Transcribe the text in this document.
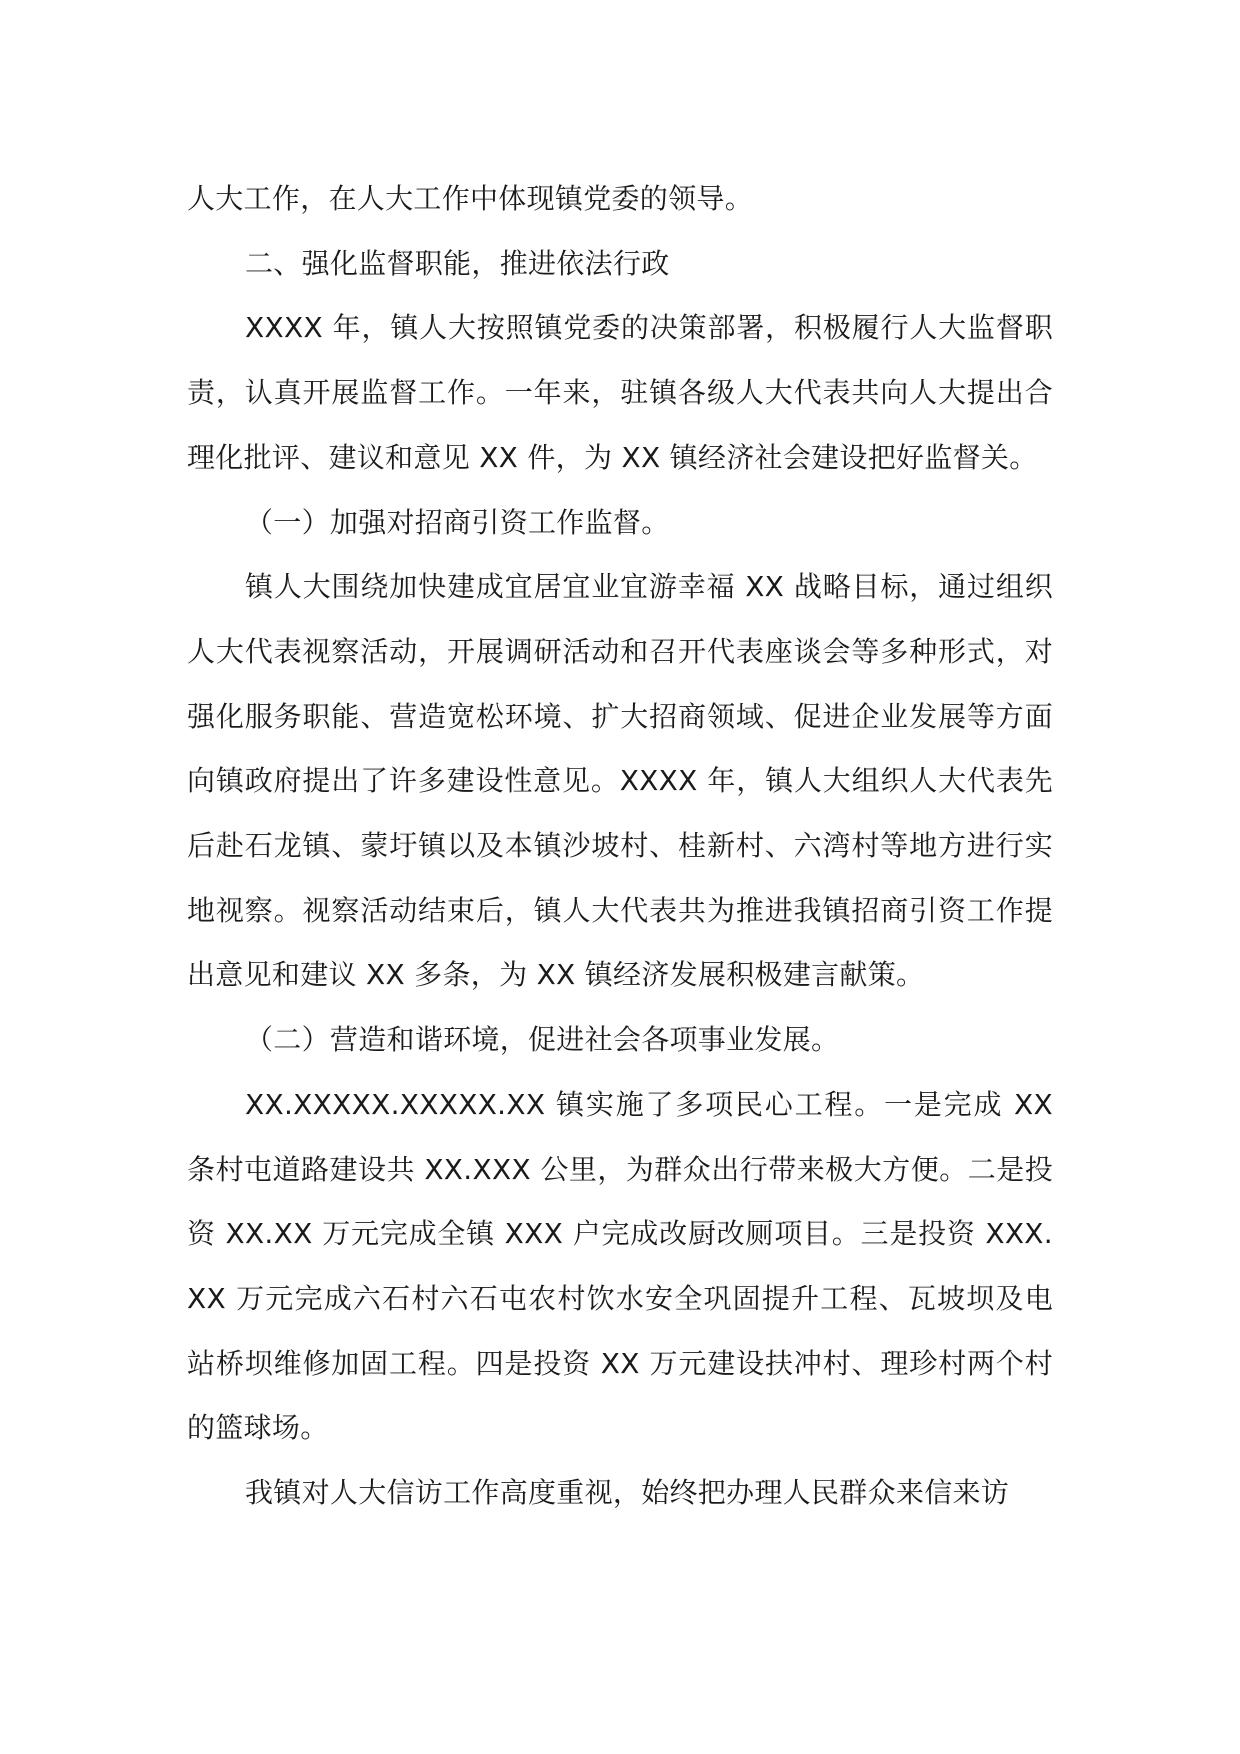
人大工作，在人大工作中体现镇党委的领导。

二、强化监督职能，推进依法行政

XXXX 年，镇人大按照镇党委的决策部署，积极履行人大监督职责，认真开展监督工作。一年来，驻镇各级人大代表共向人大提出合理化批评、建议和意见 XX 件，为 XX 镇经济社会建设把好监督关。

（一）加强对招商引资工作监督。

镇人大围绕加快建成宜居宜业宜游幸福 XX 战略目标，通过组织人大代表视察活动，开展调研活动和召开代表座谈会等多种形式，对强化服务职能、营造宽松环境、扩大招商领域、促进企业发展等方面向镇政府提出了许多建设性意见。XXXX 年，镇人大组织人大代表先后赴石龙镇、蒙圩镇以及本镇沙坡村、桂新村、六湾村等地方进行实地视察。视察活动结束后，镇人大代表共为推进我镇招商引资工作提出意见和建议 XX 多条，为 XX 镇经济发展积极建言献策。

（二）营造和谐环境，促进社会各项事业发展。

XX.XXXXX.XXXXX.XX 镇实施了多项民心工程。一是完成 XX 条村屯道路建设共 XX.XXX 公里，为群众出行带来极大方便。二是投资 XX.XX 万元完成全镇 XXX 户完成改厨改厕项目。三是投资 XXX.XX 万元完成六石村六石屯农村饮水安全巩固提升工程、瓦坡坝及电站桥坝维修加固工程。四是投资 XX 万元建设扶冲村、理珍村两个村的篮球场。

我镇对人大信访工作高度重视，始终把办理人民群众来信来访
